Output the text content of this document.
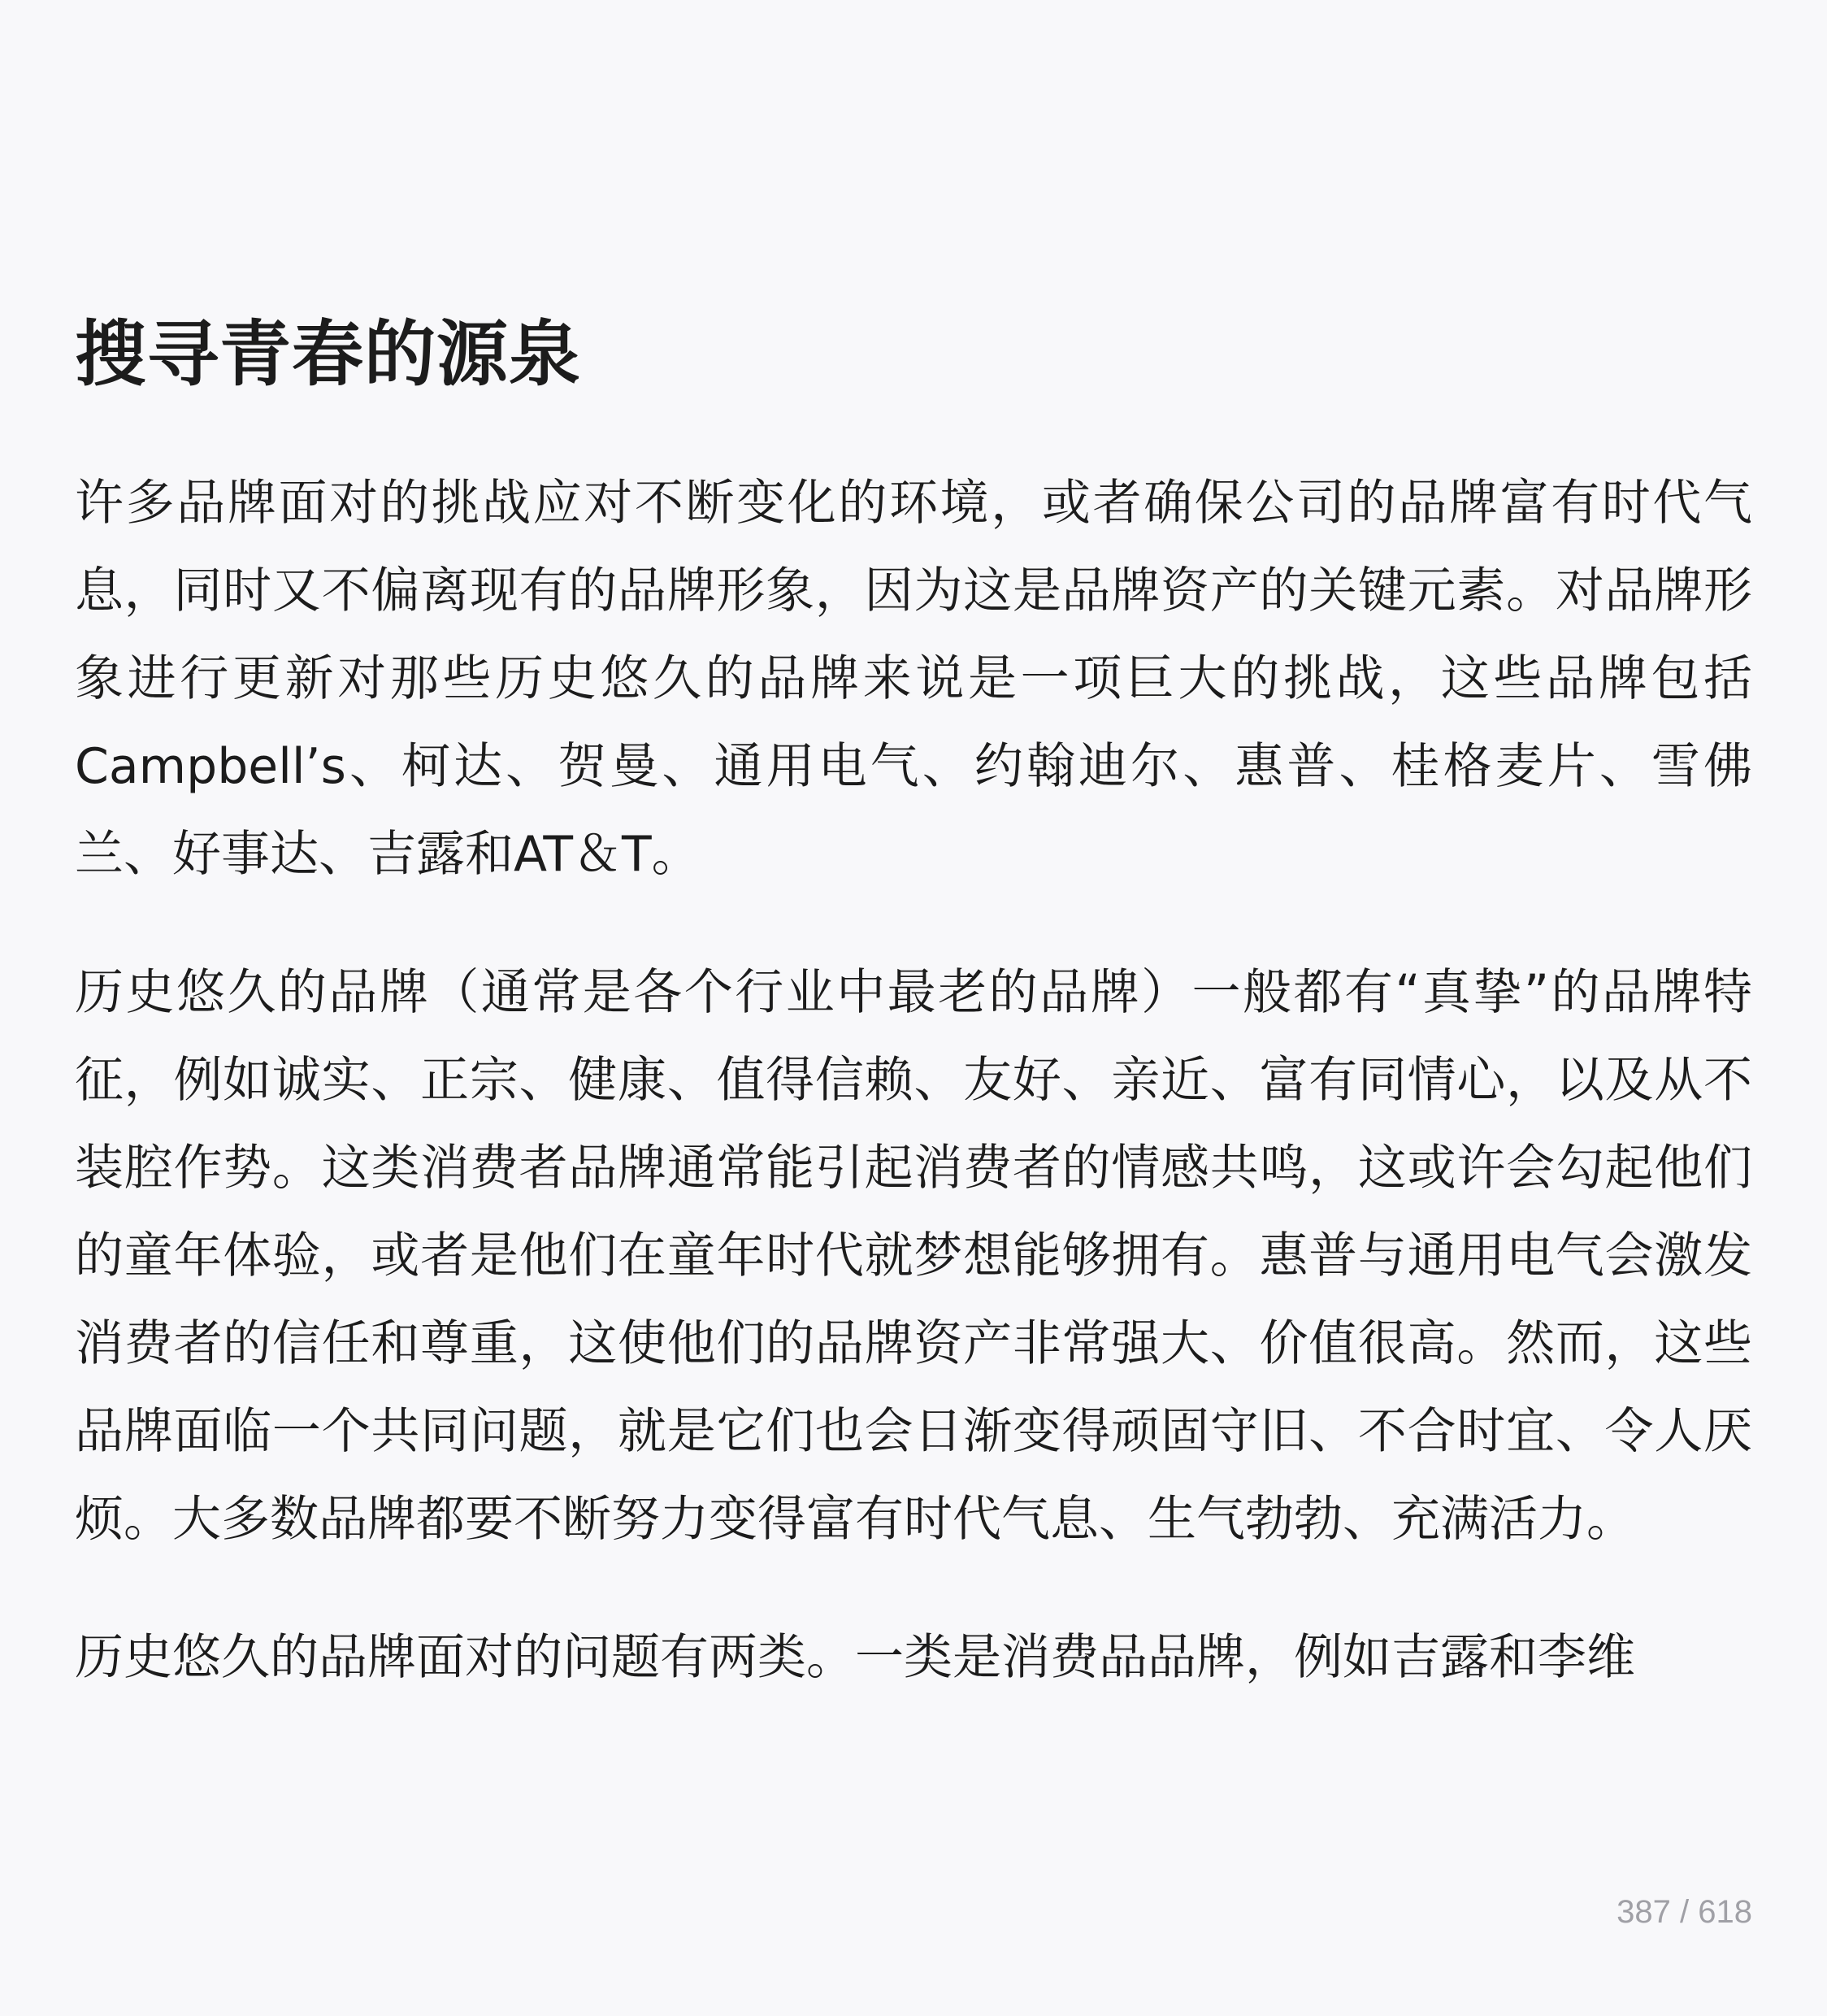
搜寻青春的源泉

许多品牌面对的挑战应对不断变化的环境，或者确保公司的品牌富有时代气息，同时又不偏离现有的品牌形象，因为这是品牌资产的关键元素。对品牌形象进行更新对那些历史悠久的品牌来说是一项巨大的挑战，这些品牌包括Campbell’s、柯达、贺曼、通用电气、约翰迪尔、惠普、桂格麦片、雪佛兰、好事达、吉露和AT＆T。

历史悠久的品牌（通常是各个行业中最老的品牌）一般都有“真挚”的品牌特征，例如诚实、正宗、健康、值得信赖、友好、亲近、富有同情心，以及从不装腔作势。这类消费者品牌通常能引起消费者的情感共鸣，这或许会勾起他们的童年体验，或者是他们在童年时代就梦想能够拥有。惠普与通用电气会激发消费者的信任和尊重，这使他们的品牌资产非常强大、价值很高。然而，这些品牌面临一个共同问题，就是它们也会日渐变得顽固守旧、不合时宜、令人厌烦。大多数品牌都要不断努力变得富有时代气息、生气勃勃、充满活力。

历史悠久的品牌面对的问题有两类。一类是消费品品牌，例如吉露和李维

387 / 618
